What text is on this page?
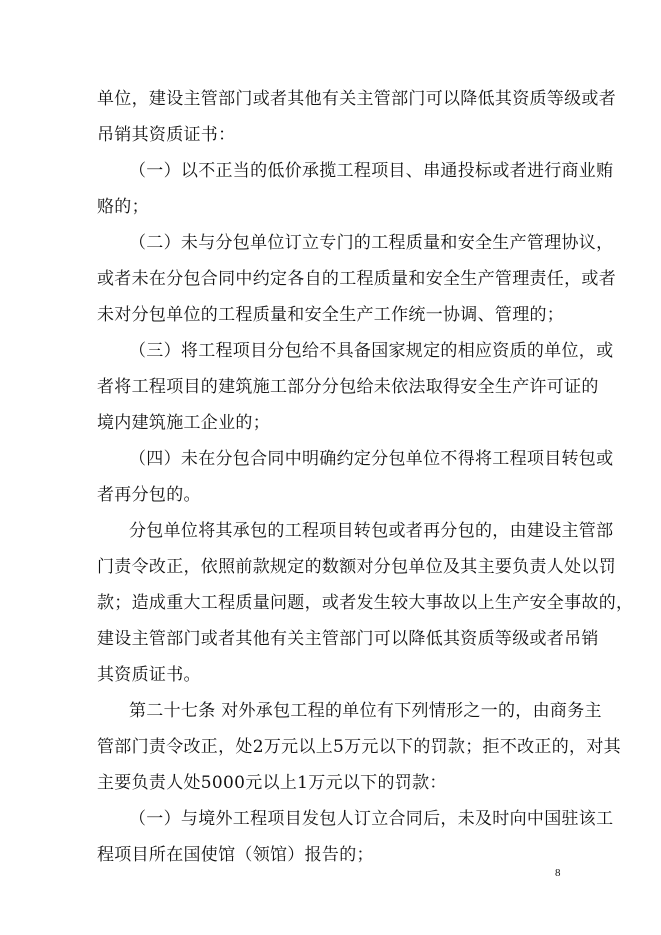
单位，建设主管部门或者其他有关主管部门可以降低其资质等级或者
吊销其资质证书：
（一）以不正当的低价承揽工程项目、串通投标或者进行商业贿
赂的；
（二）未与分包单位订立专门的工程质量和安全生产管理协议，
或者未在分包合同中约定各自的工程质量和安全生产管理责任，或者
未对分包单位的工程质量和安全生产工作统一协调、管理的；
（三）将工程项目分包给不具备国家规定的相应资质的单位，或
者将工程项目的建筑施工部分分包给未依法取得安全生产许可证的
境内建筑施工企业的；
（四）未在分包合同中明确约定分包单位不得将工程项目转包或
者再分包的。
分包单位将其承包的工程项目转包或者再分包的，由建设主管部
门责令改正，依照前款规定的数额对分包单位及其主要负责人处以罚
款；造成重大工程质量问题，或者发生较大事故以上生产安全事故的，
建设主管部门或者其他有关主管部门可以降低其资质等级或者吊销
其资质证书。
第二十七条 对外承包工程的单位有下列情形之一的，由商务主
管部门责令改正，处2万元以上5万元以下的罚款；拒不改正的，对其
主要负责人处5000元以上1万元以下的罚款：
（一）与境外工程项目发包人订立合同后，未及时向中国驻该工
程项目所在国使馆（领馆）报告的；
8
